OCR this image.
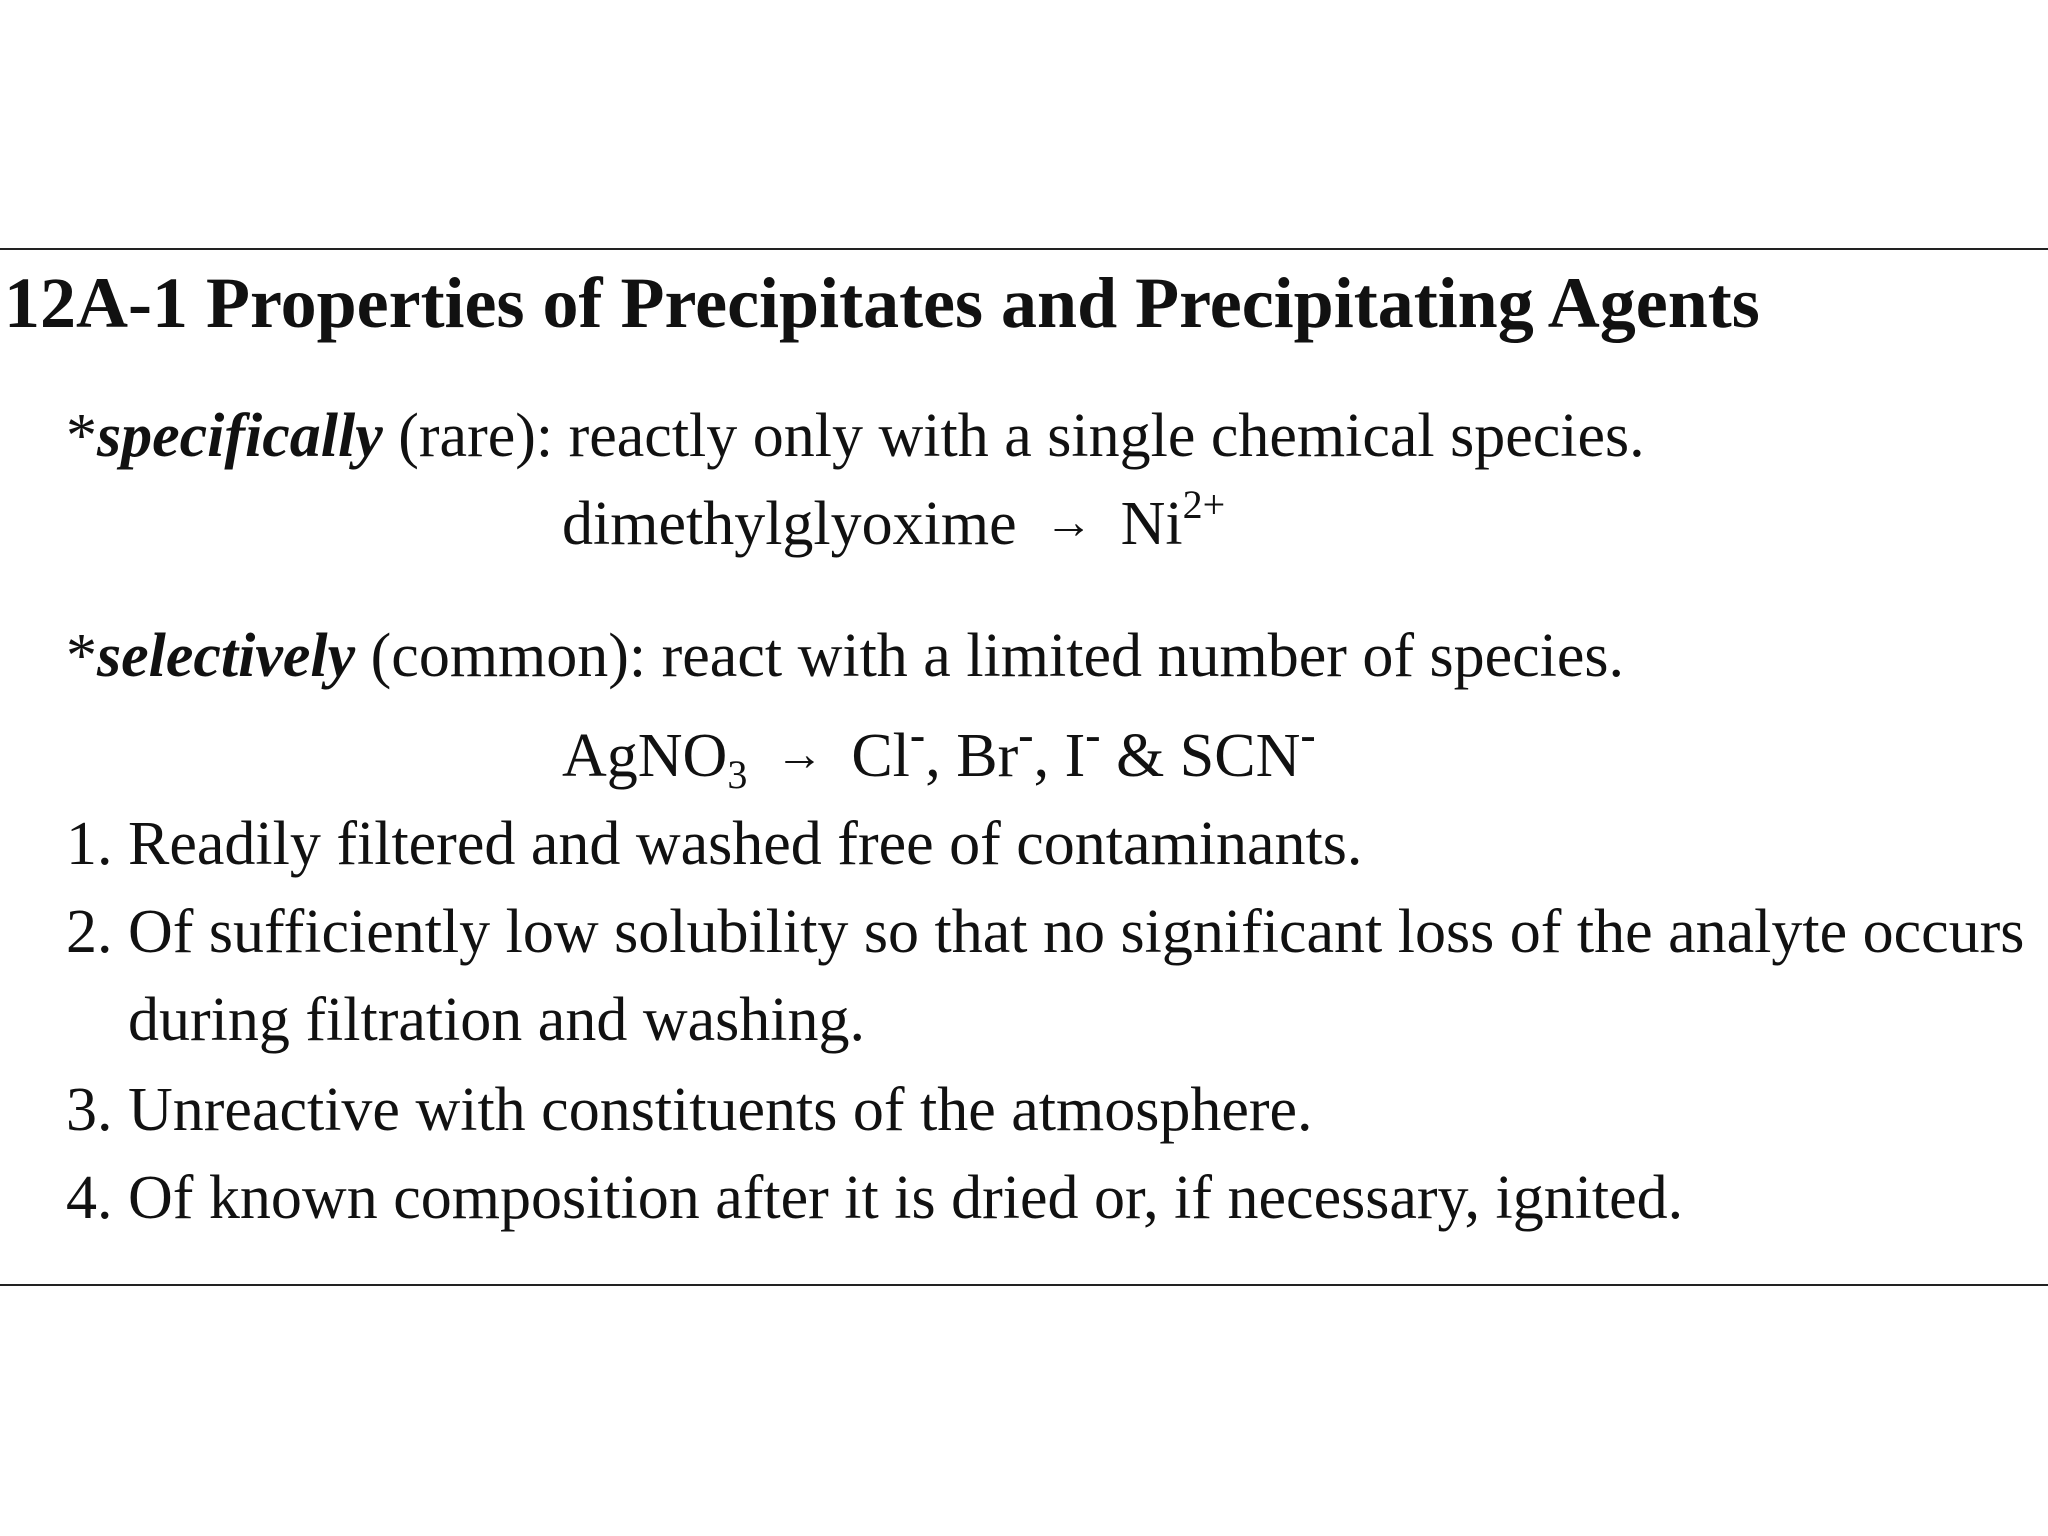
12A-1 Properties of Precipitates and Precipitating Agents
*specifically (rare): reactly only with a single chemical species.
dimethylglyoxime → $Ni^{2+}$
*selectively (common): react with a limited number of species.
AgNO$_3$ → Cl-, Br-, I- & SCN-
1. Readily filtered and washed free of contaminants.
2. Of sufficiently low solubility so that no significant loss of the analyte occurs
during filtration and washing.
3. Unreactive with constituents of the atmosphere.
4. Of known composition after it is dried or, if necessary, ignited.
